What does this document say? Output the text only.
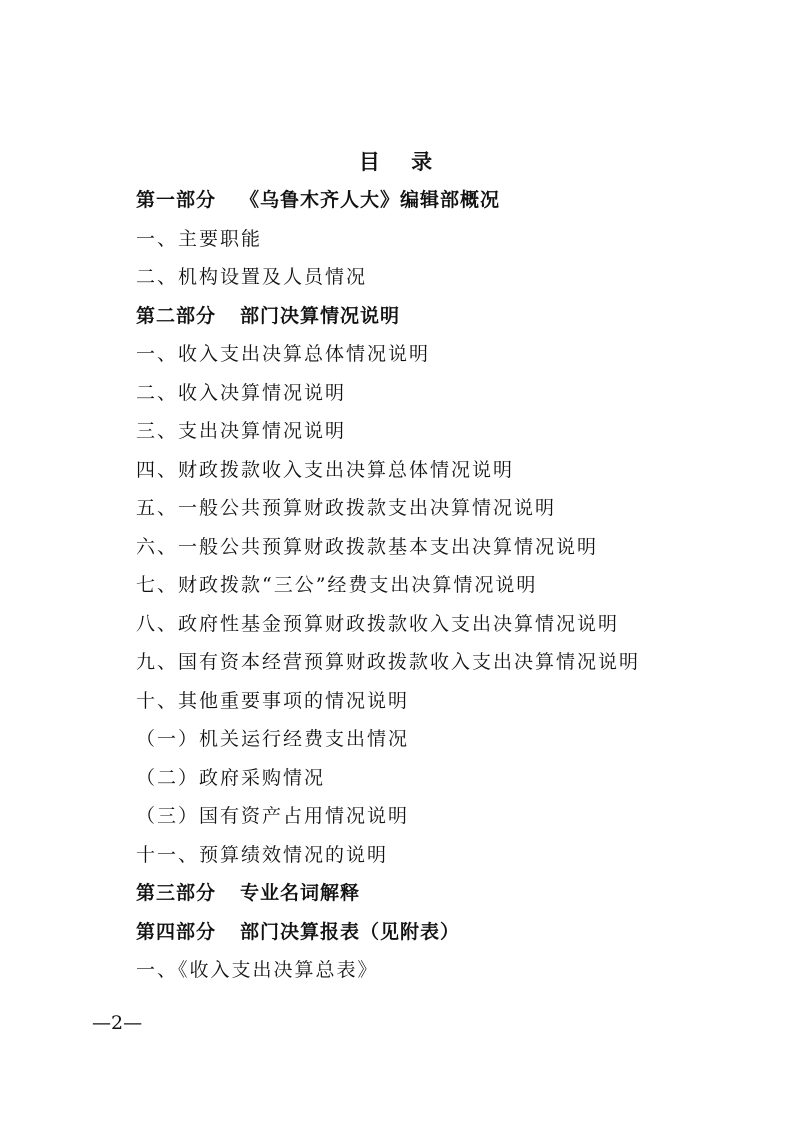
目 录
第一部分 《乌鲁木齐人大》编辑部概况
一、主要职能
二、机构设置及人员情况
第二部分 部门决算情况说明
一、收入支出决算总体情况说明
二、收入决算情况说明
三、支出决算情况说明
四、财政拨款收入支出决算总体情况说明
五、一般公共预算财政拨款支出决算情况说明
六、一般公共预算财政拨款基本支出决算情况说明
七、财政拨款“三公”经费支出决算情况说明
八、政府性基金预算财政拨款收入支出决算情况说明
九、国有资本经营预算财政拨款收入支出决算情况说明
十、其他重要事项的情况说明
（一）机关运行经费支出情况
（二）政府采购情况
（三）国有资产占用情况说明
十一、预算绩效情况的说明
第三部分 专业名词解释
第四部分 部门决算报表（见附表）
一、《收入支出决算总表》
—2—
